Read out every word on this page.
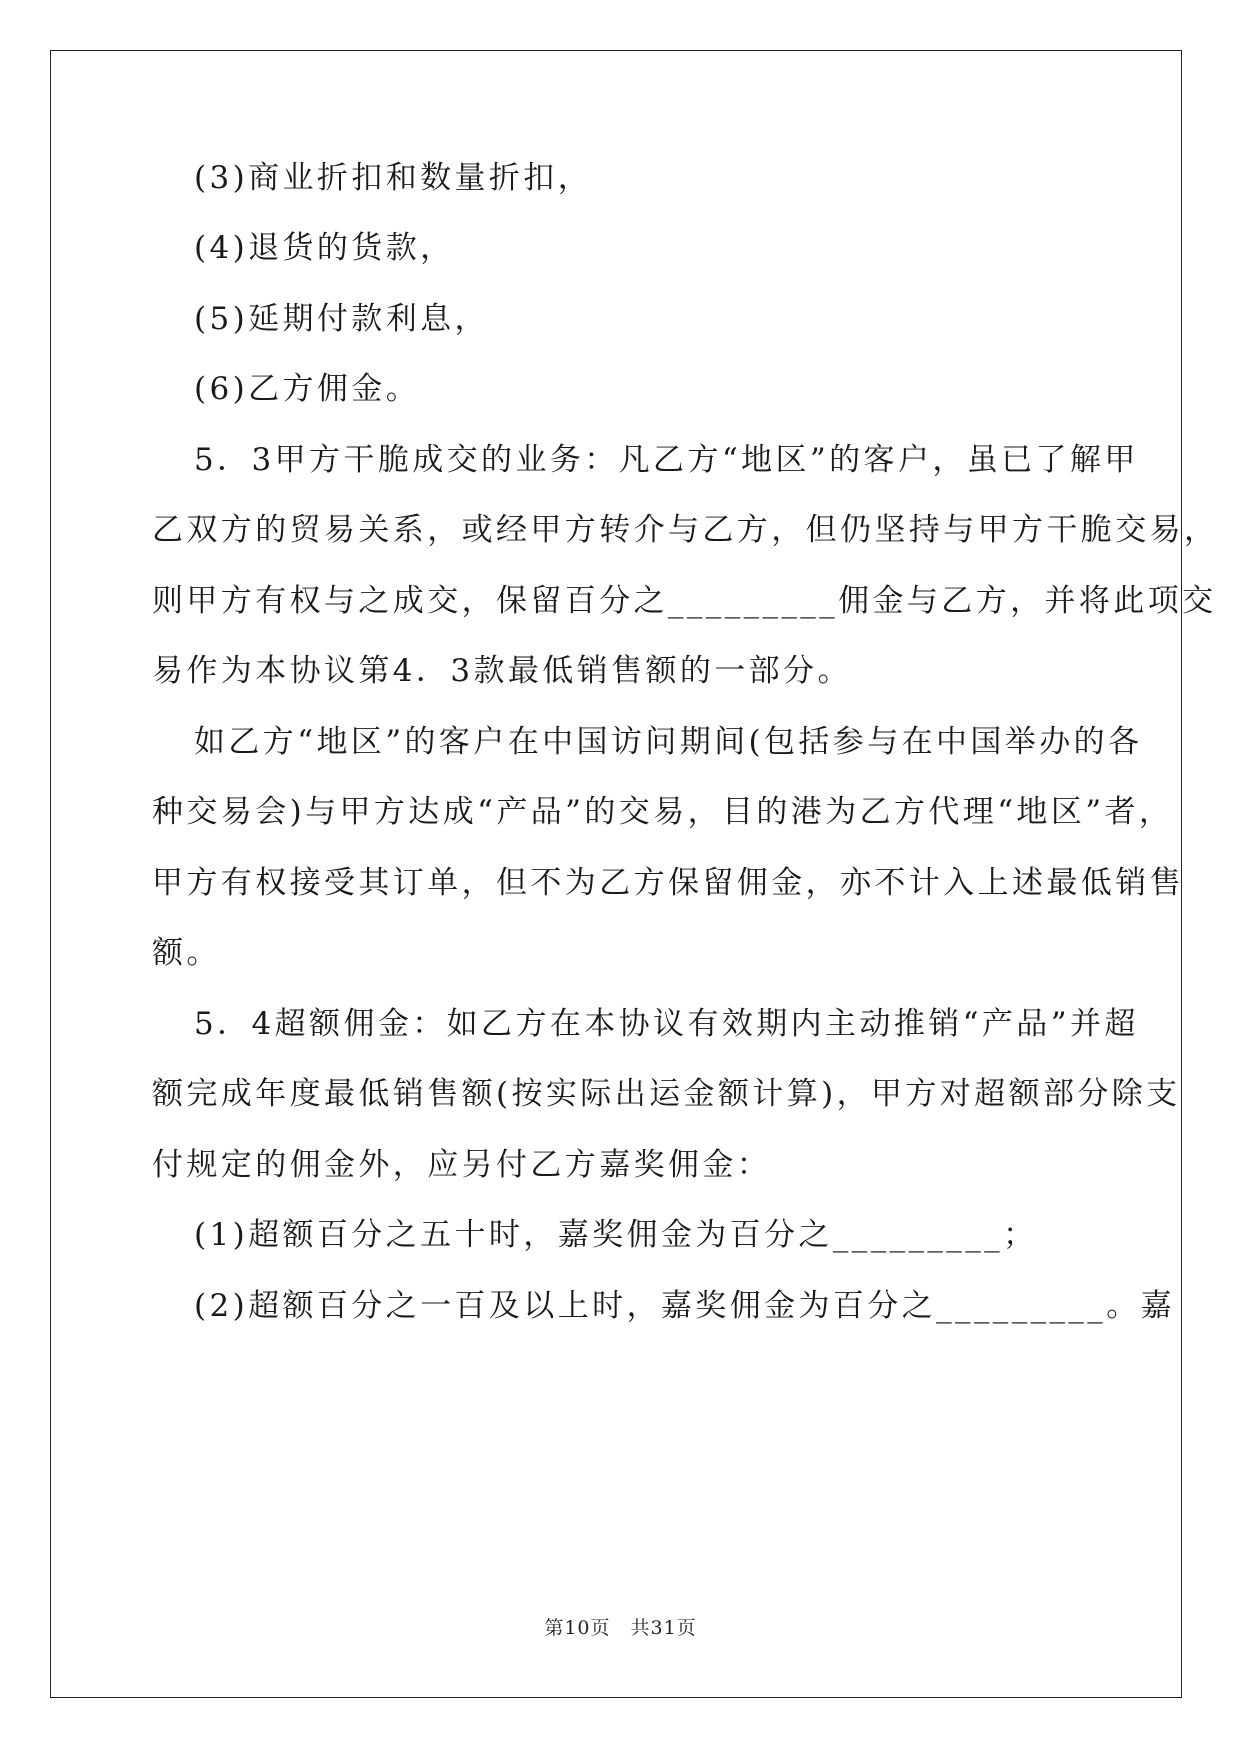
(3)商业折扣和数量折扣，
(4)退货的货款，
(5)延期付款利息，
(6)乙方佣金。
5．3甲方干脆成交的业务：凡乙方“地区”的客户，虽已了解甲
乙双方的贸易关系，或经甲方转介与乙方，但仍坚持与甲方干脆交易，
则甲方有权与之成交，保留百分之_________佣金与乙方，并将此项交
易作为本协议第4．3款最低销售额的一部分。
如乙方“地区”的客户在中国访问期间(包括参与在中国举办的各
种交易会)与甲方达成“产品”的交易，目的港为乙方代理“地区”者，
甲方有权接受其订单，但不为乙方保留佣金，亦不计入上述最低销售
额。
5．4超额佣金：如乙方在本协议有效期内主动推销“产品”并超
额完成年度最低销售额(按实际出运金额计算)，甲方对超额部分除支
付规定的佣金外，应另付乙方嘉奖佣金：
(1)超额百分之五十时，嘉奖佣金为百分之_________；
(2)超额百分之一百及以上时，嘉奖佣金为百分之_________。嘉
第10页　共31页
